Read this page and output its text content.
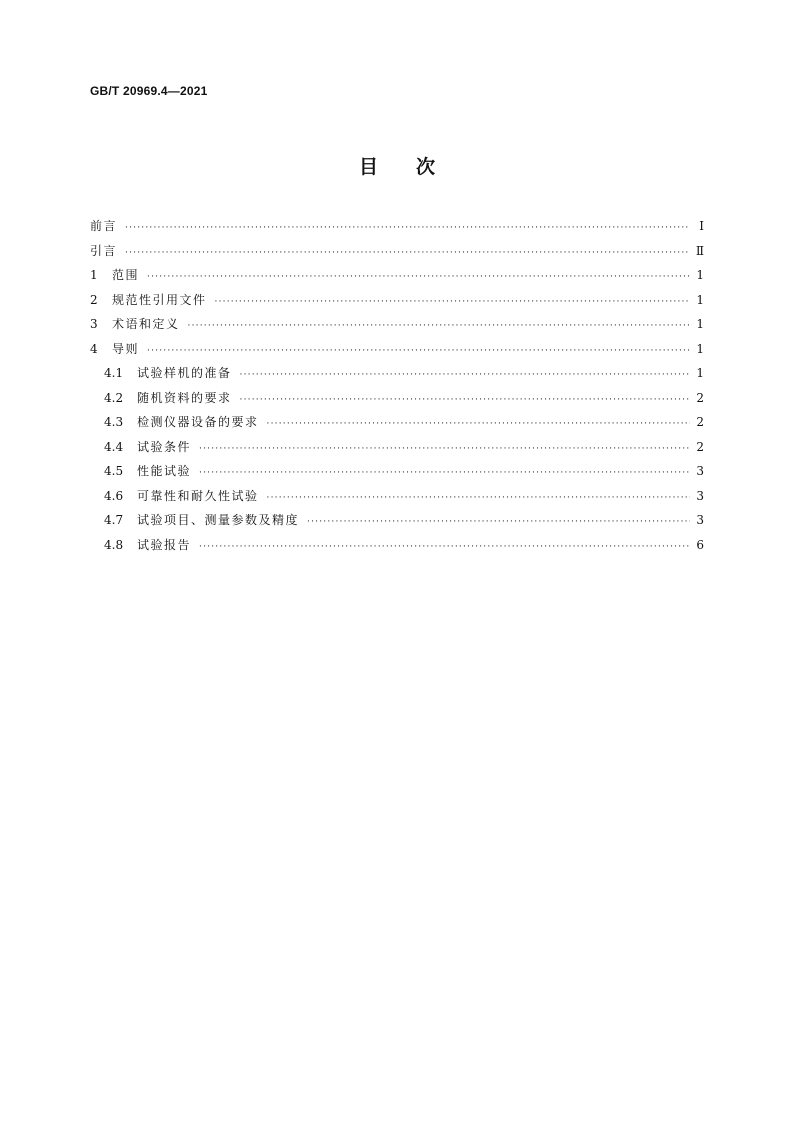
GB/T 20969.4—2021
目　　次
前言 ·····	Ⅰ
引言 ·····	Ⅱ
1	范围 ·····	1
2	规范性引用文件 ·····	1
3	术语和定义 ·····	1
4	导则 ·····	1
4.1	试验样机的准备 ·····	1
4.2	随机资料的要求 ·····	2
4.3	检测仪器设备的要求 ·····	2
4.4	试验条件 ·····	2
4.5	性能试验 ·····	3
4.6	可靠性和耐久性试验 ·····	3
4.7	试验项目、测量参数及精度 ·····	3
4.8	试验报告 ·····	6
